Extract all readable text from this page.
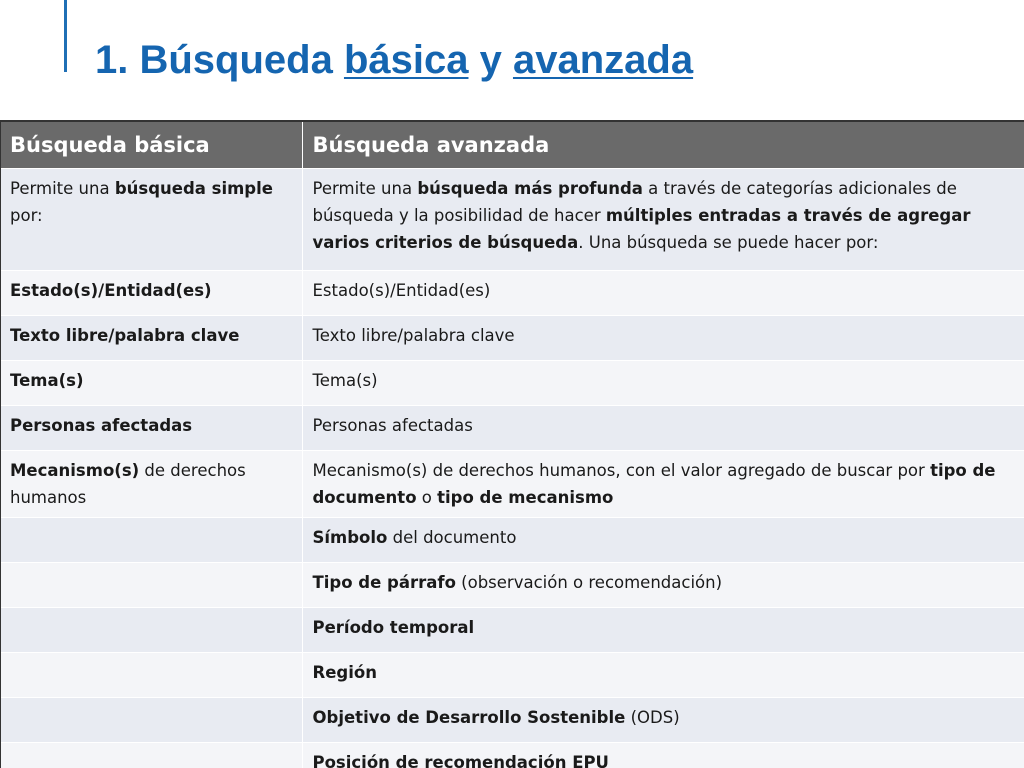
1. Búsqueda básica y avanzada
Búsqueda básica	Búsqueda avanzada
Permite una búsqueda simple por:	Permite una búsqueda más profunda a través de categorías adicionales de búsqueda y la posibilidad de hacer múltiples entradas a través de agregar varios criterios de búsqueda. Una búsqueda se puede hacer por:
Estado(s)/Entidad(es)	Estado(s)/Entidad(es)
Texto libre/palabra clave	Texto libre/palabra clave
Tema(s)	Tema(s)
Personas afectadas	Personas afectadas
Mecanismo(s) de derechos humanos	Mecanismo(s) de derechos humanos, con el valor agregado de buscar por tipo de documento o tipo de mecanismo
	Símbolo del documento
	Tipo de párrafo (observación o recomendación)
	Período temporal
	Región
	Objetivo de Desarrollo Sostenible (ODS)
	Posición de recomendación EPU
